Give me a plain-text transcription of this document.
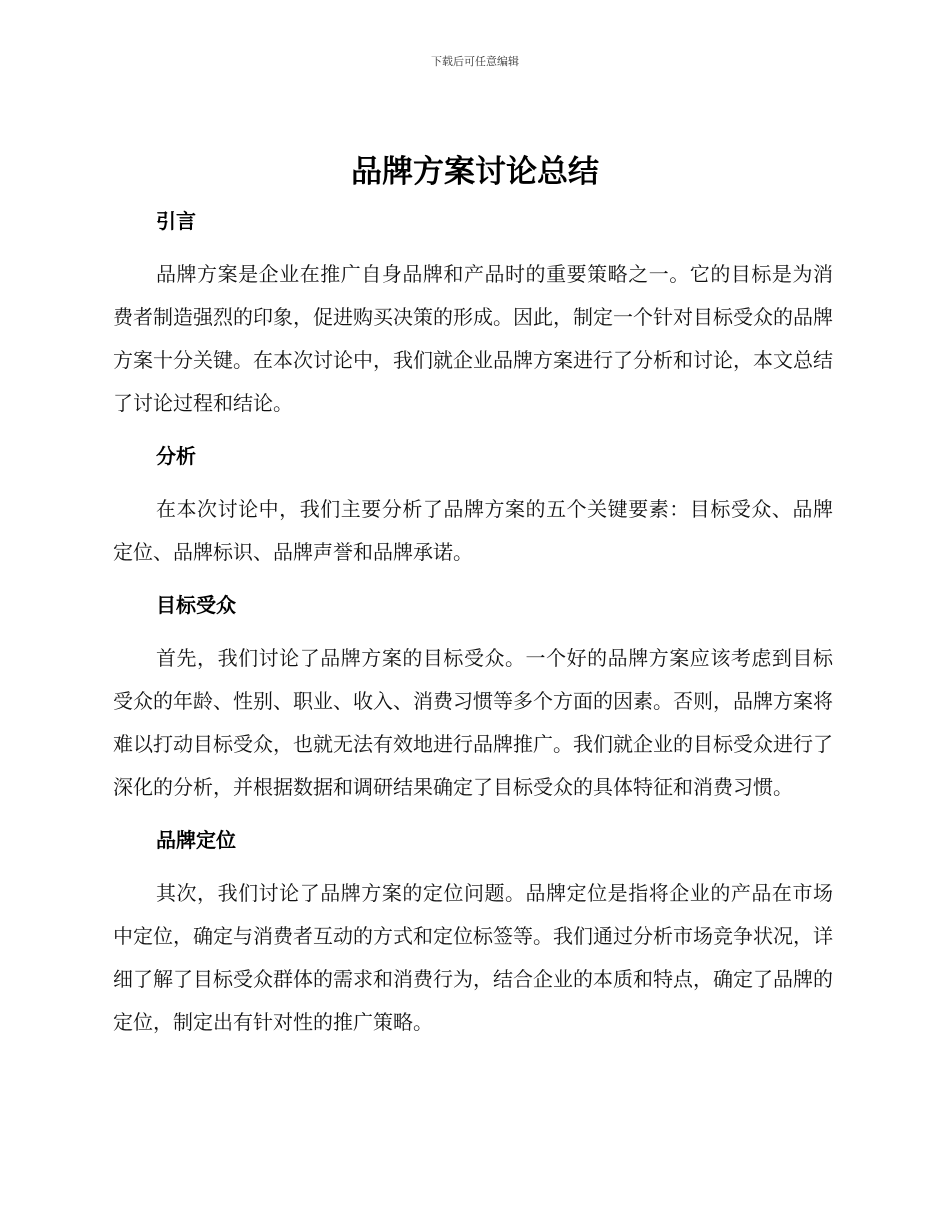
下载后可任意编辑
品牌方案讨论总结
引言

品牌方案是企业在推广自身品牌和产品时的重要策略之一。它的目标是为消费者制造强烈的印象，促进购买决策的形成。因此，制定一个针对目标受众的品牌方案十分关键。在本次讨论中，我们就企业品牌方案进行了分析和讨论，本文总结了讨论过程和结论。

分析

在本次讨论中，我们主要分析了品牌方案的五个关键要素：目标受众、品牌定位、品牌标识、品牌声誉和品牌承诺。

目标受众

首先，我们讨论了品牌方案的目标受众。一个好的品牌方案应该考虑到目标受众的年龄、性别、职业、收入、消费习惯等多个方面的因素。否则，品牌方案将难以打动目标受众，也就无法有效地进行品牌推广。我们就企业的目标受众进行了深化的分析，并根据数据和调研结果确定了目标受众的具体特征和消费习惯。

品牌定位

其次，我们讨论了品牌方案的定位问题。品牌定位是指将企业的产品在市场中定位，确定与消费者互动的方式和定位标签等。我们通过分析市场竞争状况，详细了解了目标受众群体的需求和消费行为，结合企业的本质和特点，确定了品牌的定位，制定出有针对性的推广策略。
